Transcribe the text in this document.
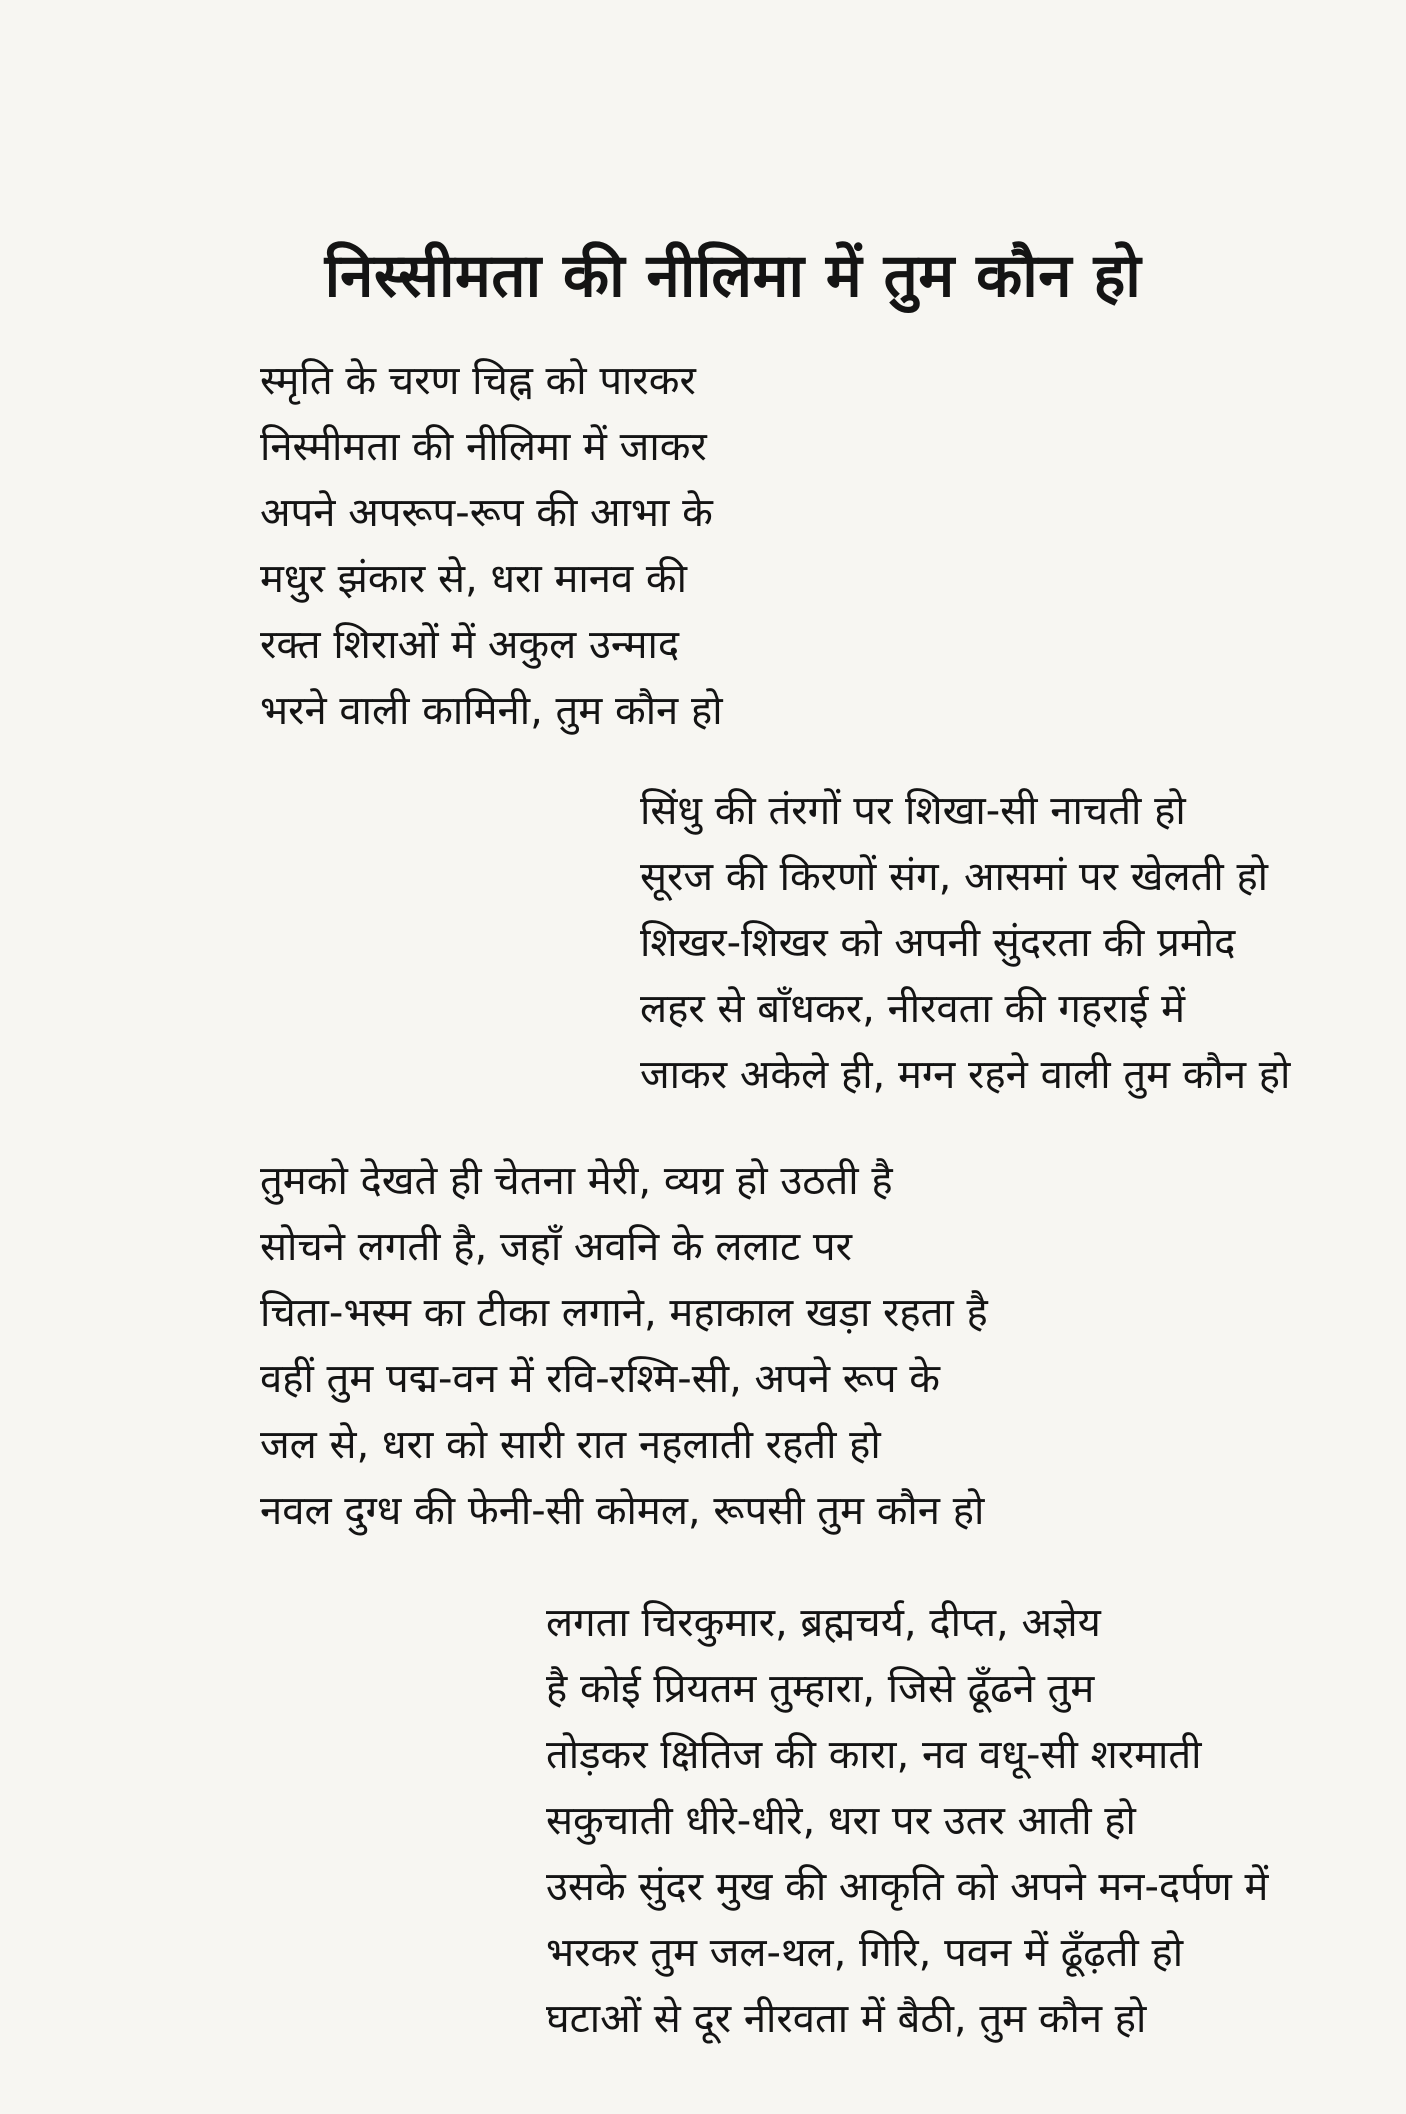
निस्सीमता की नीलिमा में तुम कौन हो
स्मृति के चरण चिह्न को पारकर
निस्मीमता की नीलिमा में जाकर
अपने अपरूप-रूप की आभा के
मधुर झंकार से, धरा मानव की
रक्त शिराओं में अकुल उन्माद
भरने वाली कामिनी, तुम कौन हो
सिंधु की तंरगों पर शिखा-सी नाचती हो
सूरज की किरणों संग, आसमां पर खेलती हो
शिखर-शिखर को अपनी सुंदरता की प्रमोद
लहर से बाँधकर, नीरवता की गहराई में
जाकर अकेले ही, मग्न रहने वाली तुम कौन हो
तुमको देखते ही चेतना मेरी, व्यग्र हो उठती है
सोचने लगती है, जहाँ अवनि के ललाट पर
चिता-भस्म का टीका लगाने, महाकाल खड़ा रहता है
वहीं तुम पद्म-वन में रवि-रश्मि-सी, अपने रूप के
जल से, धरा को सारी रात नहलाती रहती हो
नवल दुग्ध की फेनी-सी कोमल, रूपसी तुम कौन हो
लगता चिरकुमार, ब्रह्मचर्य, दीप्त, अज्ञेय
है कोई प्रियतम तुम्हारा, जिसे ढूँढने तुम
तोड़कर क्षितिज की कारा, नव वधू-सी शरमाती
सकुचाती धीरे-धीरे, धरा पर उतर आती हो
उसके सुंदर मुख की आकृति को अपने मन-दर्पण में
भरकर तुम जल-थल, गिरि, पवन में ढूँढ़ती हो
घटाओं से दूर नीरवता में बैठी, तुम कौन हो
